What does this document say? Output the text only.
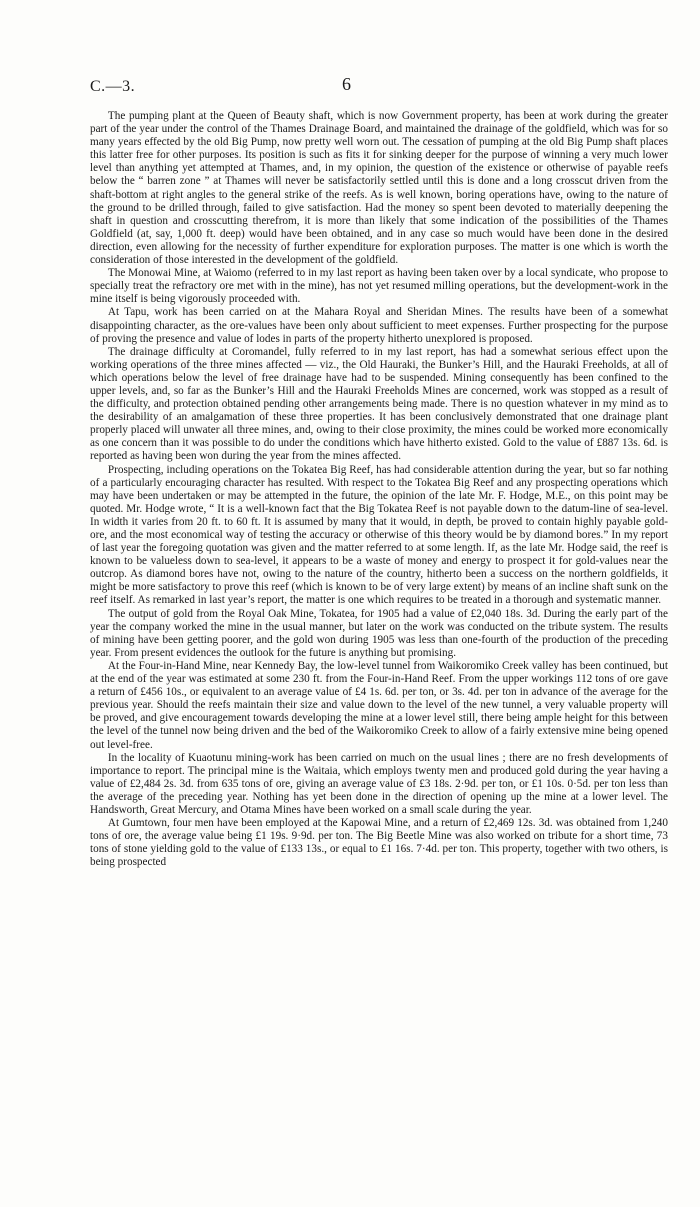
C.—3.	6

The pumping plant at the Queen of Beauty shaft, which is now Government property, has been at work during the greater part of the year under the control of the Thames Drainage Board, and maintained the drainage of the goldfield, which was for so many years effected by the old Big Pump, now pretty well worn out. The cessation of pumping at the old Big Pump shaft places this latter free for other purposes. Its position is such as fits it for sinking deeper for the purpose of winning a very much lower level than anything yet attempted at Thames, and, in my opinion, the question of the existence or otherwise of payable reefs below the “ barren zone ” at Thames will never be satisfactorily settled until this is done and a long crosscut driven from the shaft-bottom at right angles to the general strike of the reefs. As is well known, boring operations have, owing to the nature of the ground to be drilled through, failed to give satisfaction. Had the money so spent been devoted to materially deepening the shaft in question and crosscutting therefrom, it is more than likely that some indication of the possibilities of the Thames Goldfield (at, say, 1,000 ft. deep) would have been obtained, and in any case so much would have been done in the desired direction, even allowing for the necessity of further expenditure for exploration purposes. The matter is one which is worth the consideration of those interested in the development of the goldfield.

The Monowai Mine, at Waiomo (referred to in my last report as having been taken over by a local syndicate, who propose to specially treat the refractory ore met with in the mine), has not yet resumed milling operations, but the development-work in the mine itself is being vigorously proceeded with.

At Tapu, work has been carried on at the Mahara Royal and Sheridan Mines. The results have been of a somewhat disappointing character, as the ore-values have been only about sufficient to meet expenses. Further prospecting for the purpose of proving the presence and value of lodes in parts of the property hitherto unexplored is proposed.

The drainage difficulty at Coromandel, fully referred to in my last report, has had a somewhat serious effect upon the working operations of the three mines affected — viz., the Old Hauraki, the Bunker’s Hill, and the Hauraki Freeholds, at all of which operations below the level of free drainage have had to be suspended. Mining consequently has been confined to the upper levels, and, so far as the Bunker’s Hill and the Hauraki Freeholds Mines are concerned, work was stopped as a result of the difficulty, and protection obtained pending other arrangements being made. There is no question whatever in my mind as to the desirability of an amalgamation of these three properties. It has been conclusively demonstrated that one drainage plant properly placed will unwater all three mines, and, owing to their close proximity, the mines could be worked more economically as one concern than it was possible to do under the conditions which have hitherto existed. Gold to the value of £887 13s. 6d. is reported as having been won during the year from the mines affected.

Prospecting, including operations on the Tokatea Big Reef, has had considerable attention during the year, but so far nothing of a particularly encouraging character has resulted. With respect to the Tokatea Big Reef and any prospecting operations which may have been undertaken or may be attempted in the future, the opinion of the late Mr. F. Hodge, M.E., on this point may be quoted. Mr. Hodge wrote, “ It is a well-known fact that the Big Tokatea Reef is not payable down to the datum-line of sea-level. In width it varies from 20 ft. to 60 ft. It is assumed by many that it would, in depth, be proved to contain highly payable gold-ore, and the most economical way of testing the accuracy or otherwise of this theory would be by diamond bores.” In my report of last year the foregoing quotation was given and the matter referred to at some length. If, as the late Mr. Hodge said, the reef is known to be valueless down to sea-level, it appears to be a waste of money and energy to prospect it for gold-values near the outcrop. As diamond bores have not, owing to the nature of the country, hitherto been a success on the northern goldfields, it might be more satisfactory to prove this reef (which is known to be of very large extent) by means of an incline shaft sunk on the reef itself. As remarked in last year’s report, the matter is one which requires to be treated in a thorough and systematic manner.

The output of gold from the Royal Oak Mine, Tokatea, for 1905 had a value of £2,040 18s. 3d. During the early part of the year the company worked the mine in the usual manner, but later on the work was conducted on the tribute system. The results of mining have been getting poorer, and the gold won during 1905 was less than one-fourth of the production of the preceding year. From present evidences the outlook for the future is anything but promising.

At the Four-in-Hand Mine, near Kennedy Bay, the low-level tunnel from Waikoromiko Creek valley has been continued, but at the end of the year was estimated at some 230 ft. from the Four-in-Hand Reef. From the upper workings 112 tons of ore gave a return of £456 10s., or equivalent to an average value of £4 1s. 6d. per ton, or 3s. 4d. per ton in advance of the average for the previous year. Should the reefs maintain their size and value down to the level of the new tunnel, a very valuable property will be proved, and give encouragement towards developing the mine at a lower level still, there being ample height for this between the level of the tunnel now being driven and the bed of the Waikoromiko Creek to allow of a fairly extensive mine being opened out level-free.

In the locality of Kuaotunu mining-work has been carried on much on the usual lines ; there are no fresh developments of importance to report. The principal mine is the Waitaia, which employs twenty men and produced gold during the year having a value of £2,484 2s. 3d. from 635 tons of ore, giving an average value of £3 18s. 2·9d. per ton, or £1 10s. 0·5d. per ton less than the average of the preceding year. Nothing has yet been done in the direction of opening up the mine at a lower level. The Handsworth, Great Mercury, and Otama Mines have been worked on a small scale during the year.

At Gumtown, four men have been employed at the Kapowai Mine, and a return of £2,469 12s. 3d. was obtained from 1,240 tons of ore, the average value being £1 19s. 9·9d. per ton. The Big Beetle Mine was also worked on tribute for a short time, 73 tons of stone yielding gold to the value of £133 13s., or equal to £1 16s. 7·4d. per ton. This property, together with two others, is being prospected
